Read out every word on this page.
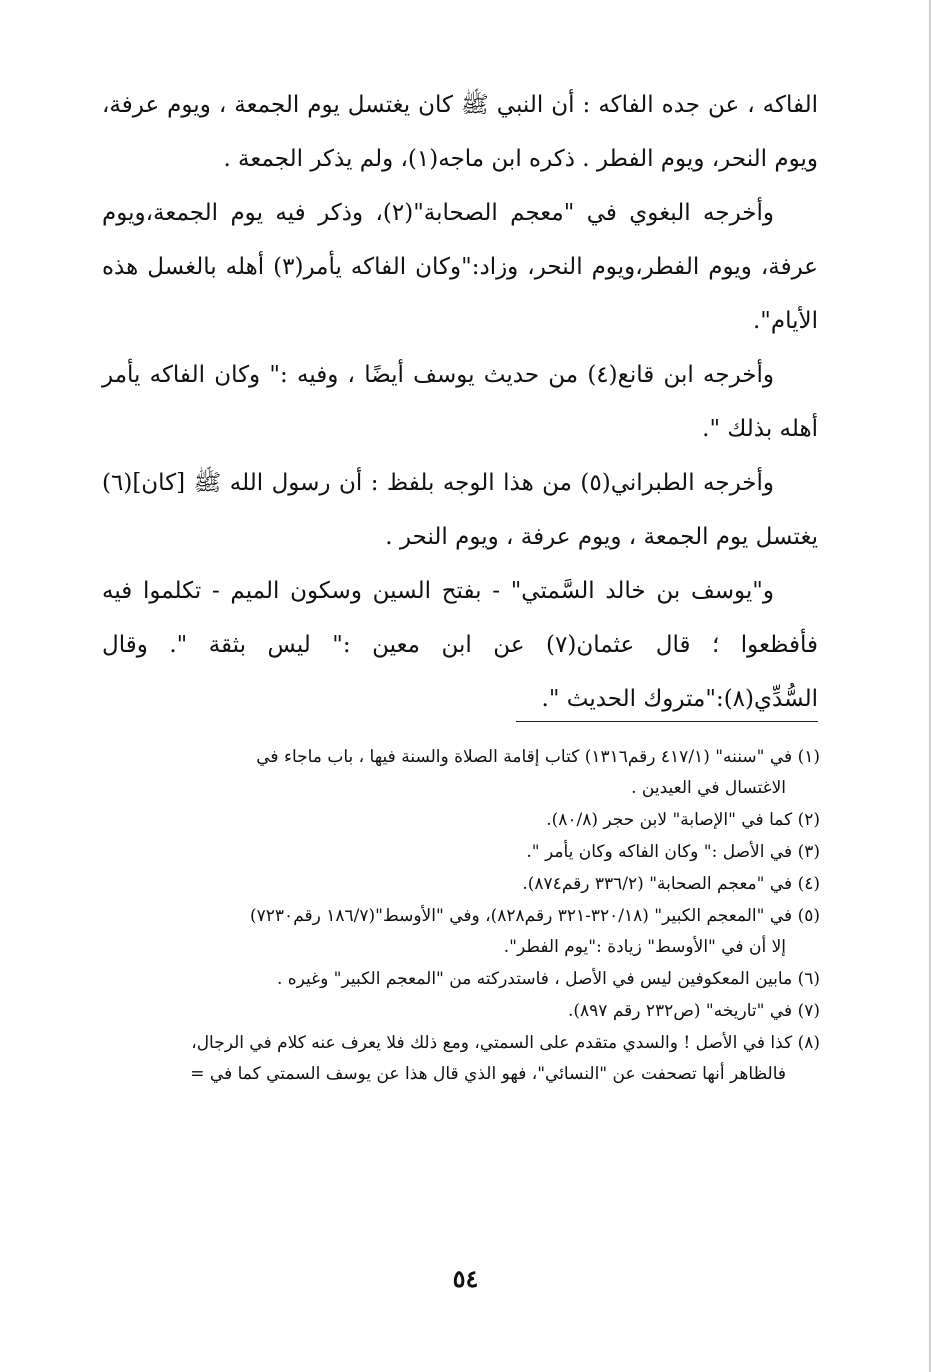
الفاكه ، عن جده الفاكه : أن النبي ﷺ كان يغتسل يوم الجمعة ، ويوم عرفة، ويوم النحر، ويوم الفطر . ذكره ابن ماجه(١)، ولم يذكر الجمعة .

وأخرجه البغوي في "معجم الصحابة"(٢)، وذكر فيه يوم الجمعة،ويوم عرفة، ويوم الفطر،ويوم النحر، وزاد:"وكان الفاكه يأمر(٣) أهله بالغسل هذه الأيام".

وأخرجه ابن قانع(٤) من حديث يوسف أيضًا ، وفيه :" وكان الفاكه يأمر أهله بذلك ".

وأخرجه الطبراني(٥) من هذا الوجه بلفظ : أن رسول الله ﷺ [كان](٦) يغتسل يوم الجمعة ، ويوم عرفة ، ويوم النحر .

و"يوسف بن خالد السَّمتي" - بفتح السين وسكون الميم - تكلموا فيه فأفظعوا ؛ قال عثمان(٧) عن ابن معين :" ليس بثقة ". وقال السُّدِّي(٨):"متروك الحديث ".

(١) في "سننه" (٤١٧/١ رقم١٣١٦) كتاب إقامة الصلاة والسنة فيها ، باب ماجاء في
الاغتسال في العيدين .
(٢) كما في "الإصابة" لابن حجر (٨٠/٨).
(٣) في الأصل :" وكان الفاكه وكان يأمر ".
(٤) في "معجم الصحابة" (٣٣٦/٢ رقم٨٧٤).
(٥) في "المعجم الكبير" (٣٢٠/١٨-٣٢١ رقم٨٢٨)، وفي "الأوسط"(١٨٦/٧ رقم٧٢٣٠)
إلا أن في "الأوسط" زيادة :"يوم الفطر".
(٦) مابين المعكوفين ليس في الأصل ، فاستدركته من "المعجم الكبير" وغيره .
(٧) في "تاريخه" (ص٢٣٢ رقم ٨٩٧).
(٨) كذا في الأصل ! والسدي متقدم على السمتي، ومع ذلك فلا يعرف عنه كلام في الرجال،
فالظاهر أنها تصحفت عن "النسائي"، فهو الذي قال هذا عن يوسف السمتي كما في =
٥٤
